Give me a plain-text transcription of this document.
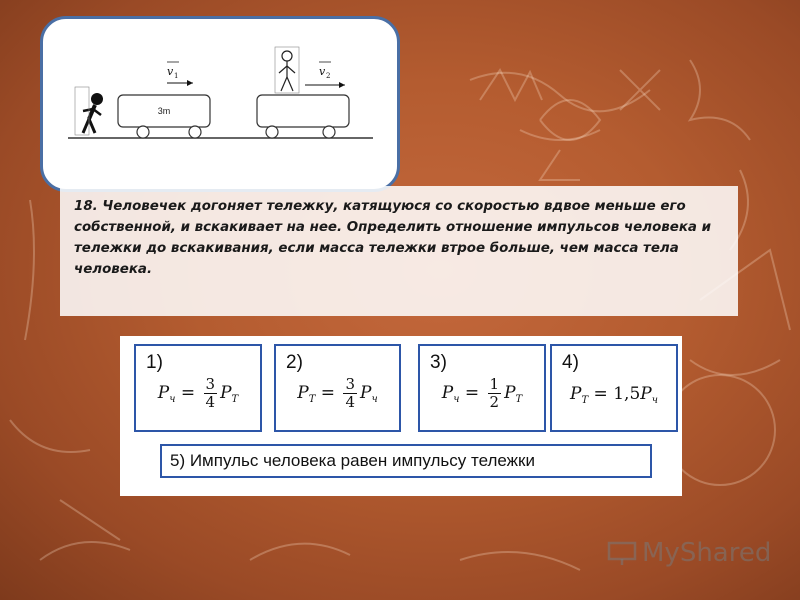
3m
v 1	v 2

18. Человечек догоняет тележку, катящуюся со скоростью вдвое меньше его собственной, и вскакивает на нее. Определить отношение импульсов человека и тележки до вскакивания, если масса тележки втрое больше, чем масса тела человека.

1)
$P_ч = \frac{3}{4} P_T$
2)
$P_T = \frac{3}{4} P_ч$
3)
$P_ч = \frac{1}{2} P_T$
4)
$P_T = 1,5P_ч$
5) Импульс человека равен импульсу тележки
MyShared
